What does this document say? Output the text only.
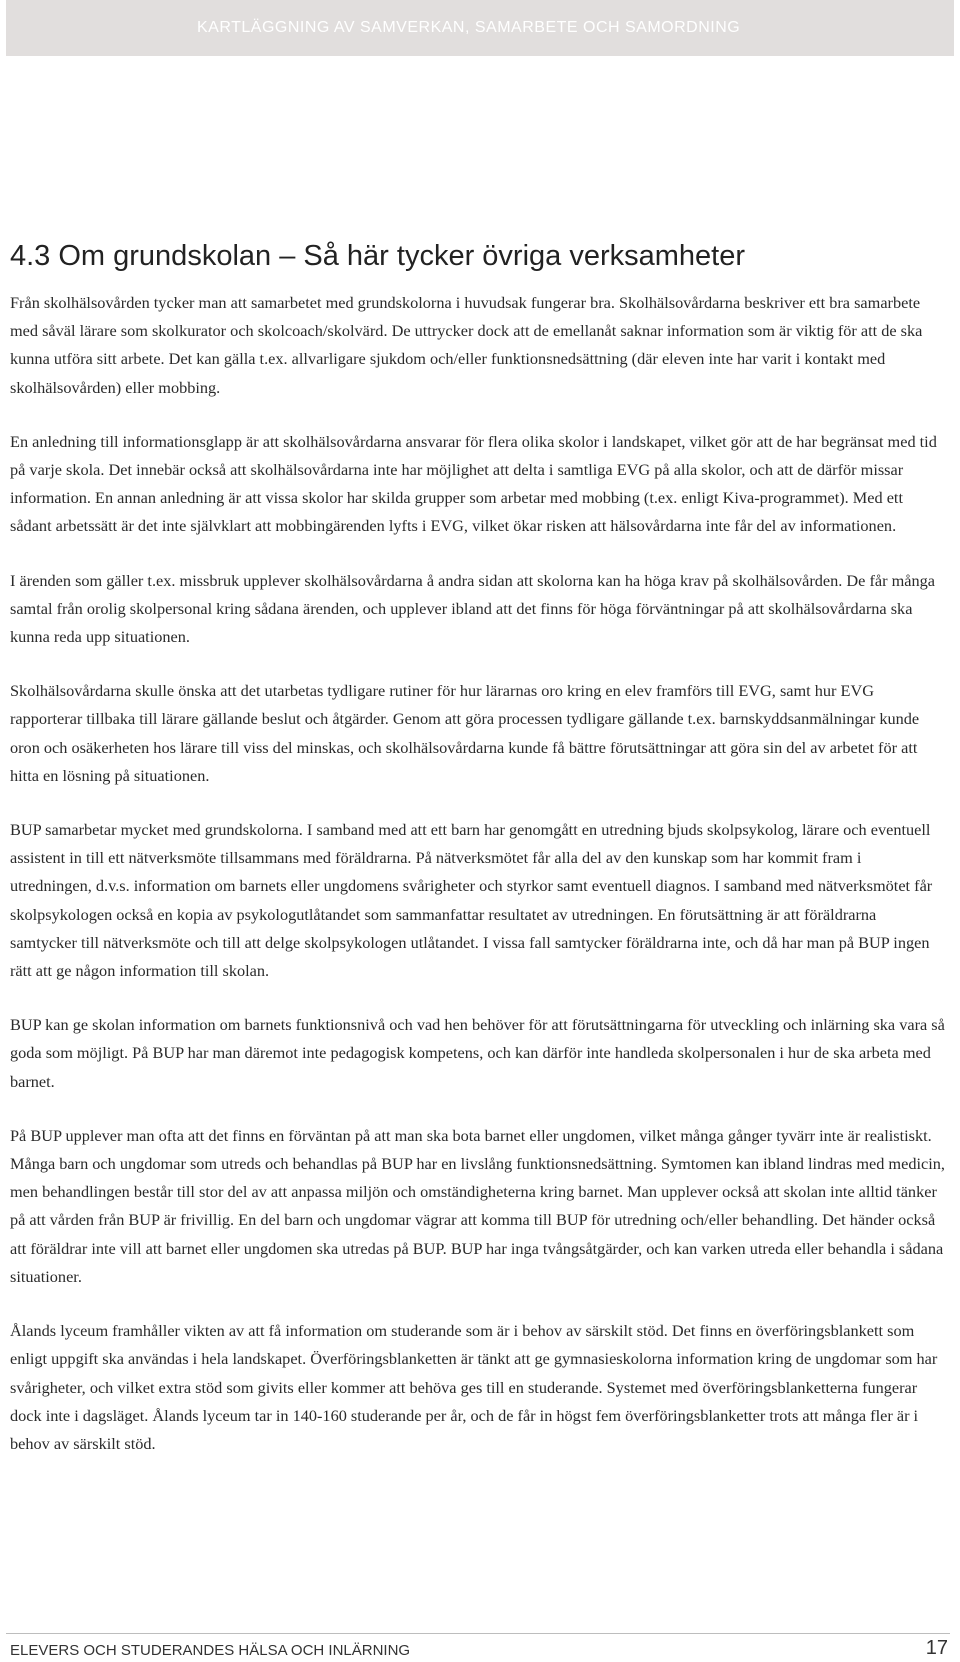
KARTLÄGGNING AV SAMVERKAN, SAMARBETE OCH SAMORDNING
4.3 Om grundskolan – Så här tycker övriga verksamheter

Från skolhälsovården tycker man att samarbetet med grundskolorna i huvudsak fungerar bra. Skolhälsovårdarna beskriver ett bra samarbete med såväl lärare som skolkurator och skolcoach/skolvärd. De uttrycker dock att de emellanåt saknar information som är viktig för att de ska kunna utföra sitt arbete. Det kan gälla t.ex. allvarligare sjukdom och/eller funktionsnedsättning (där eleven inte har varit i kontakt med skolhälsovården) eller mobbing.

En anledning till informationsglapp är att skolhälsovårdarna ansvarar för flera olika skolor i landskapet, vilket gör att de har begränsat med tid på varje skola. Det innebär också att skolhälsovårdarna inte har möjlighet att delta i samtliga EVG på alla skolor, och att de därför missar information. En annan anledning är att vissa skolor har skilda grupper som arbetar med mobbing (t.ex. enligt Kiva-programmet). Med ett sådant arbetssätt är det inte självklart att mobbingärenden lyfts i EVG, vilket ökar risken att hälsovårdarna inte får del av informationen.

I ärenden som gäller t.ex. missbruk upplever skolhälsovårdarna å andra sidan att skolorna kan ha höga krav på skolhälsovården. De får många samtal från orolig skolpersonal kring sådana ärenden, och upplever ibland att det finns för höga förväntningar på att skolhälsovårdarna ska kunna reda upp situationen.

Skolhälsovårdarna skulle önska att det utarbetas tydligare rutiner för hur lärarnas oro kring en elev framförs till EVG, samt hur EVG rapporterar tillbaka till lärare gällande beslut och åtgärder. Genom att göra processen tydligare gällande t.ex. barnskyddsanmälningar kunde oron och osäkerheten hos lärare till viss del minskas, och skolhälsovårdarna kunde få bättre förutsättningar att göra sin del av arbetet för att hitta en lösning på situationen.

BUP samarbetar mycket med grundskolorna. I samband med att ett barn har genomgått en utredning bjuds skolpsykolog, lärare och eventuell assistent in till ett nätverksmöte tillsammans med föräldrarna. På nätverksmötet får alla del av den kunskap som har kommit fram i utredningen, d.v.s. information om barnets eller ungdomens svårigheter och styrkor samt eventuell diagnos. I samband med nätverksmötet får skolpsykologen också en kopia av psykologutlåtandet som sammanfattar resultatet av utredningen. En förutsättning är att föräldrarna samtycker till nätverksmöte och till att delge skolpsykologen utlåtandet. I vissa fall samtycker föräldrarna inte, och då har man på BUP ingen rätt att ge någon information till skolan.

BUP kan ge skolan information om barnets funktionsnivå och vad hen behöver för att förutsättningarna för utveckling och inlärning ska vara så goda som möjligt. På BUP har man däremot inte pedagogisk kompetens, och kan därför inte handleda skolpersonalen i hur de ska arbeta med barnet.

På BUP upplever man ofta att det finns en förväntan på att man ska bota barnet eller ungdomen, vilket många gånger tyvärr inte är realistiskt. Många barn och ungdomar som utreds och behandlas på BUP har en livslång funktionsnedsättning. Symtomen kan ibland lindras med medicin, men behandlingen består till stor del av att anpassa miljön och omständigheterna kring barnet. Man upplever också att skolan inte alltid tänker på att vården från BUP är frivillig. En del barn och ungdomar vägrar att komma till BUP för utredning och/eller behandling. Det händer också att föräldrar inte vill att barnet eller ungdomen ska utredas på BUP. BUP har inga tvångsåtgärder, och kan varken utreda eller behandla i sådana situationer.

Ålands lyceum framhåller vikten av att få information om studerande som är i behov av särskilt stöd. Det finns en överföringsblankett som enligt uppgift ska användas i hela landskapet. Överföringsblanketten är tänkt att ge gymnasieskolorna information kring de ungdomar som har svårigheter, och vilket extra stöd som givits eller kommer att behöva ges till en studerande. Systemet med överföringsblanketterna fungerar dock inte i dagsläget. Ålands lyceum tar in 140-160 studerande per år, och de får in högst fem överföringsblanketter trots att många fler är i behov av särskilt stöd.

ELEVERS OCH STUDERANDES HÄLSA OCH INLÄRNING	17
